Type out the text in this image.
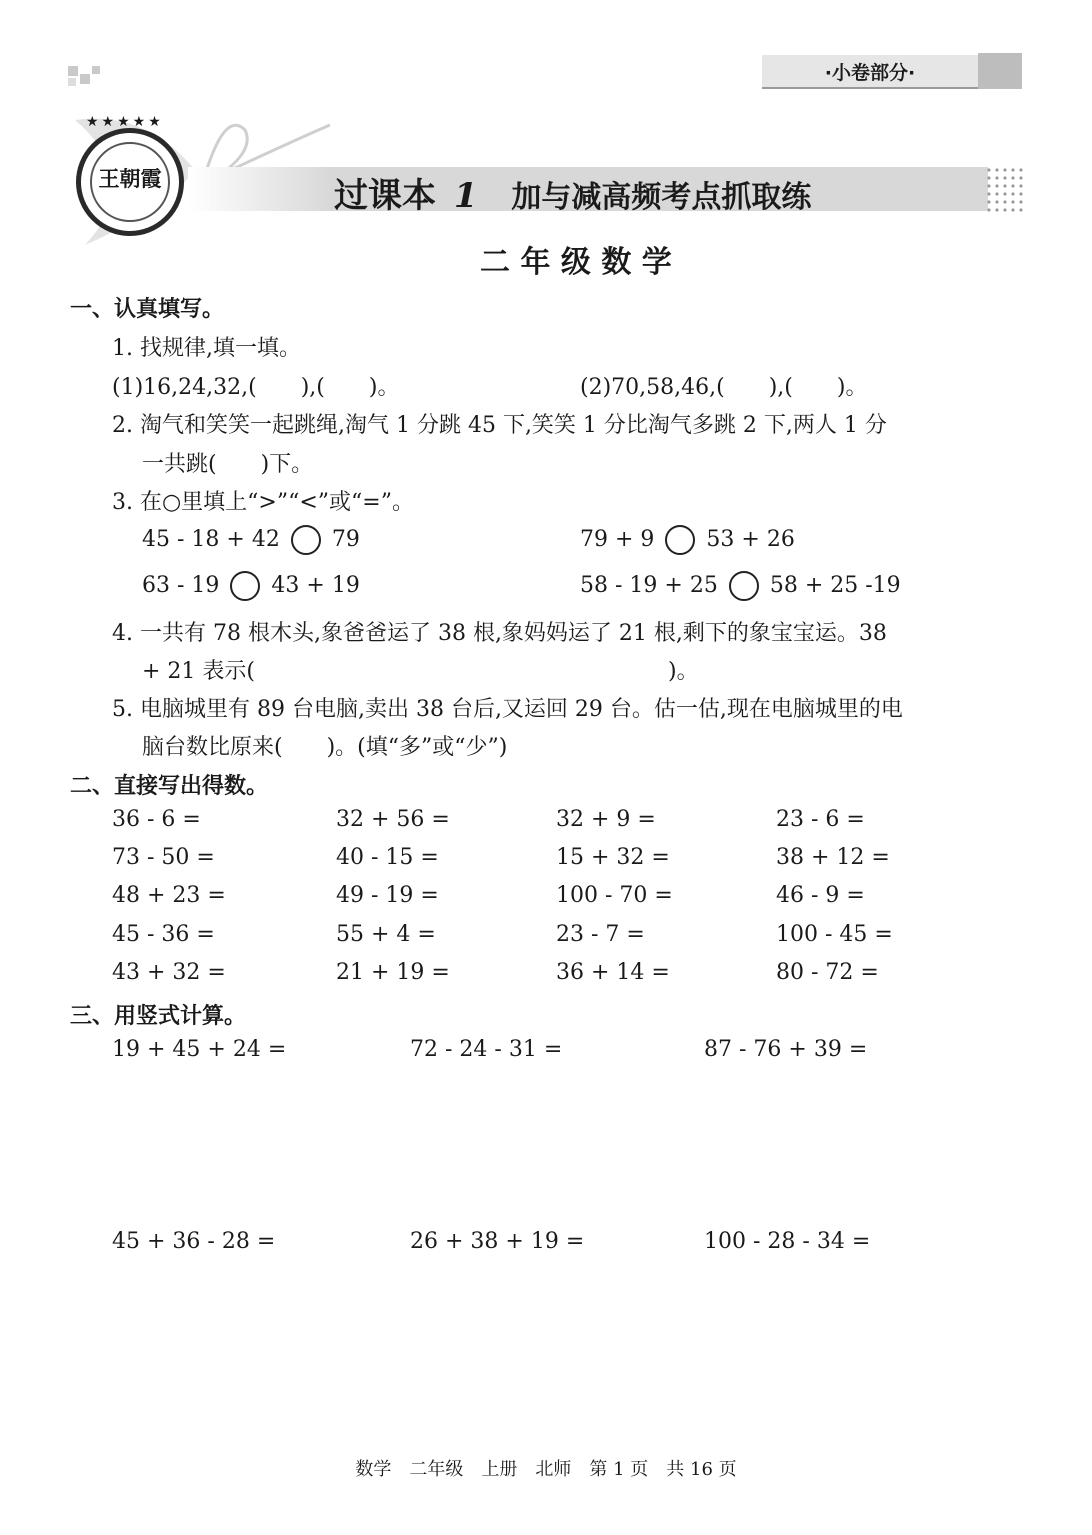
·小卷部分·
王朝霞
★★★★★
过课本 1 加与减高频考点抓取练
二 年 级 数 学
一、认真填写。
1. 找规律,填一填。
(1)16,24,32,(　　),(　　)。	(2)70,58,46,(　　),(　　)。
2. 淘气和笑笑一起跳绳,淘气 1 分跳 45 下,笑笑 1 分比淘气多跳 2 下,两人 1 分
一共跳(　　)下。
3. 在○里填上“>”“<”或“=”。
45 - 18 + 42 79	79 + 9 53 + 26
63 - 19 43 + 19	58 - 19 + 25 58 + 25 -19
4. 一共有 78 根木头,象爸爸运了 38 根,象妈妈运了 21 根,剩下的象宝宝运。38
+ 21 表示(	)。
5. 电脑城里有 89 台电脑,卖出 38 台后,又运回 29 台。估一估,现在电脑城里的电
脑台数比原来(　　)。(填“多”或“少”)
二、直接写出得数。
36 - 6 =	32 + 56 =	32 + 9 =	23 - 6 =
73 - 50 =	40 - 15 =	15 + 32 =	38 + 12 =
48 + 23 =	49 - 19 =	100 - 70 =	46 - 9 =
45 - 36 =	55 + 4 =	23 - 7 =	100 - 45 =
43 + 32 =	21 + 19 =	36 + 14 =	80 - 72 =
三、用竖式计算。
19 + 45 + 24 =	72 - 24 - 31 =	87 - 76 + 39 =
45 + 36 - 28 =	26 + 38 + 19 =	100 - 28 - 34 =
数学　二年级　上册　北师　第 1 页　共 16 页
